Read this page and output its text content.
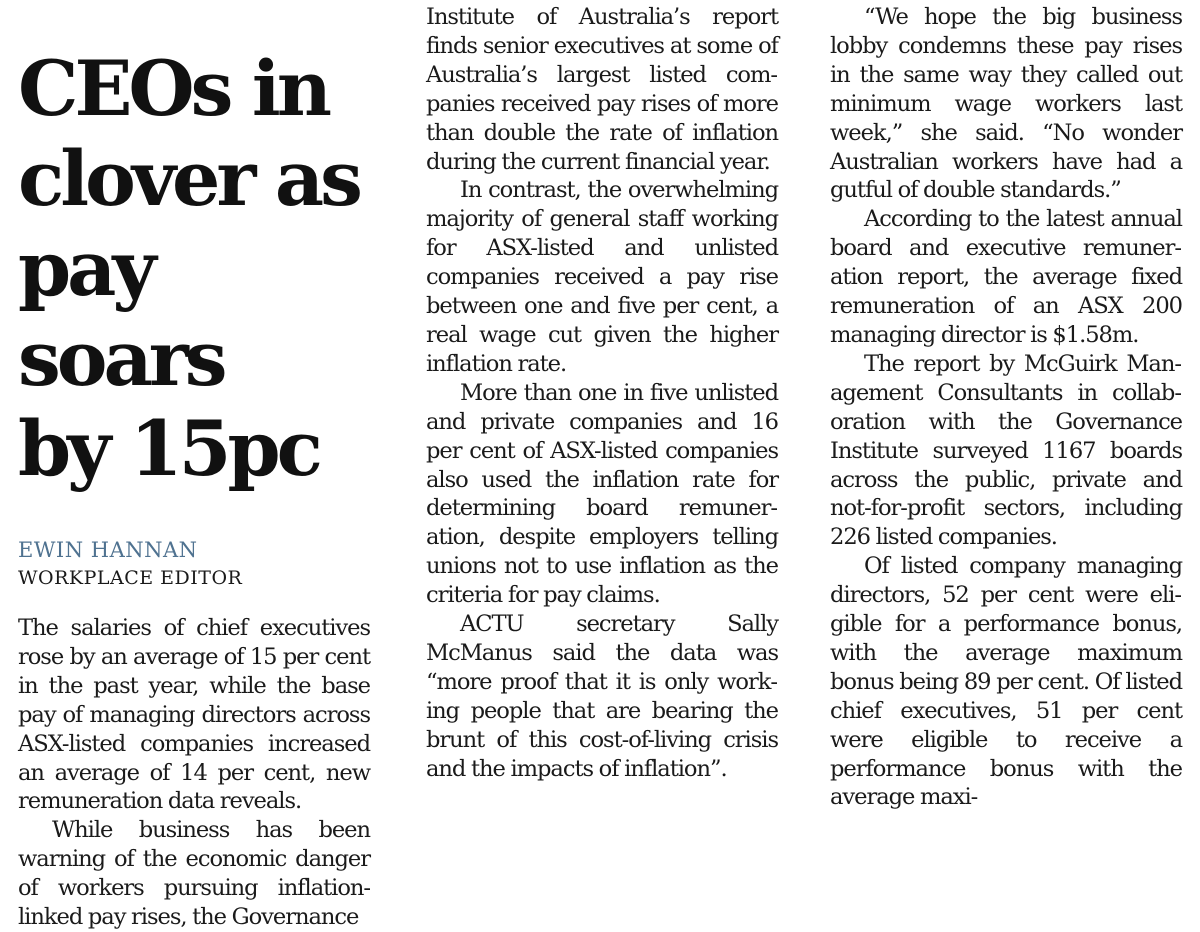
CEOs in
clover as
pay soars
by 15pc
EWIN HANNAN
WORKPLACE EDITOR

The salaries of chief executives rose by an average of 15 per cent in the past year, while the base pay of managing directors across ASX-listed companies increased an average of 14 per cent, new remuneration data reveals.

While business has been warning of the economic danger of workers pursuing inflation-linked pay rises, the Governance

Institute of Australia’s report finds senior executives at some of Australia’s largest listed companies received pay rises of more than double the rate of inflation during the current financial year.

In contrast, the overwhelming majority of general staff working for ASX-listed and unlisted companies received a pay rise between one and five per cent, a real wage cut given the higher inflation rate.

More than one in five unlisted and private companies and 16 per cent of ASX-listed companies also used the inflation rate for determining board remuneration, despite employers telling unions not to use inflation as the criteria for pay claims.

ACTU secretary Sally McManus said the data was “more proof that it is only working people that are bearing the brunt of this cost-of-living crisis and the impacts of inflation”.

“We hope the big business lobby condemns these pay rises in the same way they called out minimum wage workers last week,” she said. “No wonder Australian workers have had a gutful of double standards.”

According to the latest annual board and executive remuneration report, the average fixed remuneration of an ASX 200 managing director is $1.58m.

The report by McGuirk Management Consultants in collaboration with the Governance Institute surveyed 1167 boards across the public, private and not-for-profit sectors, including 226 listed companies.

Of listed company managing directors, 52 per cent were eligible for a performance bonus, with the average maximum bonus being 89 per cent. Of listed chief executives, 51 per cent were eligible to receive a performance bonus with the average maxi-
